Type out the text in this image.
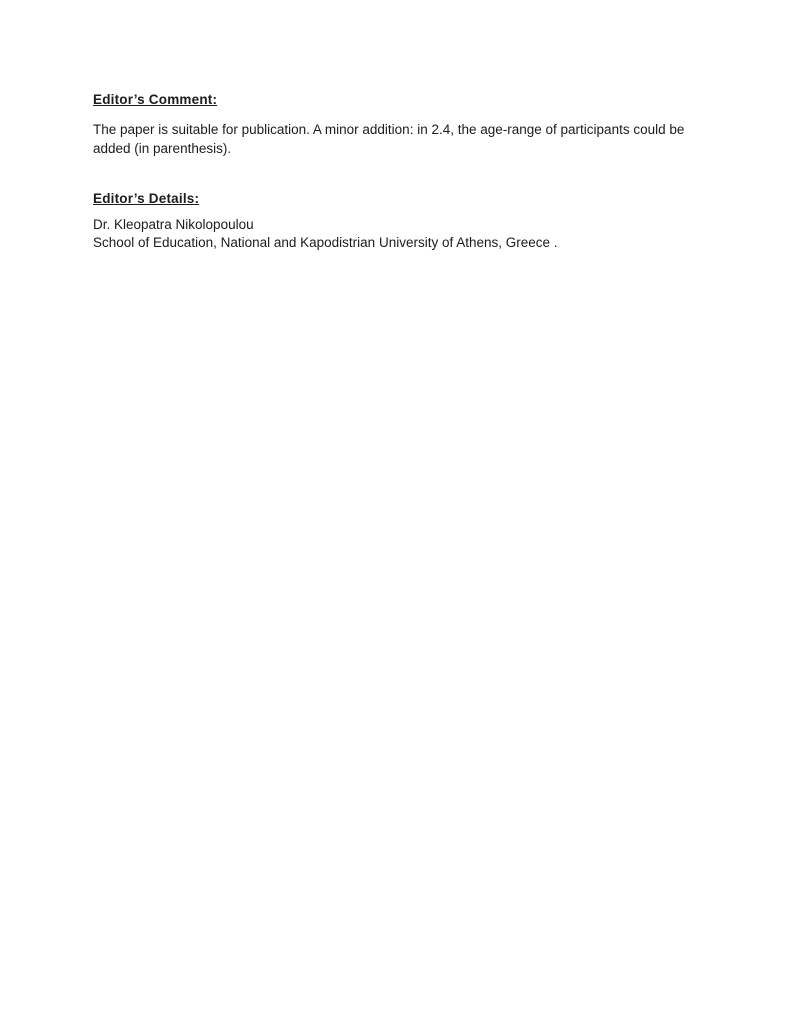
Editor’s Comment:
The paper is suitable for publication. A minor addition: in 2.4, the age-range of participants could be
added (in parenthesis).
Editor’s Details:
Dr. Kleopatra Nikolopoulou
School of Education, National and Kapodistrian University of Athens, Greece .
